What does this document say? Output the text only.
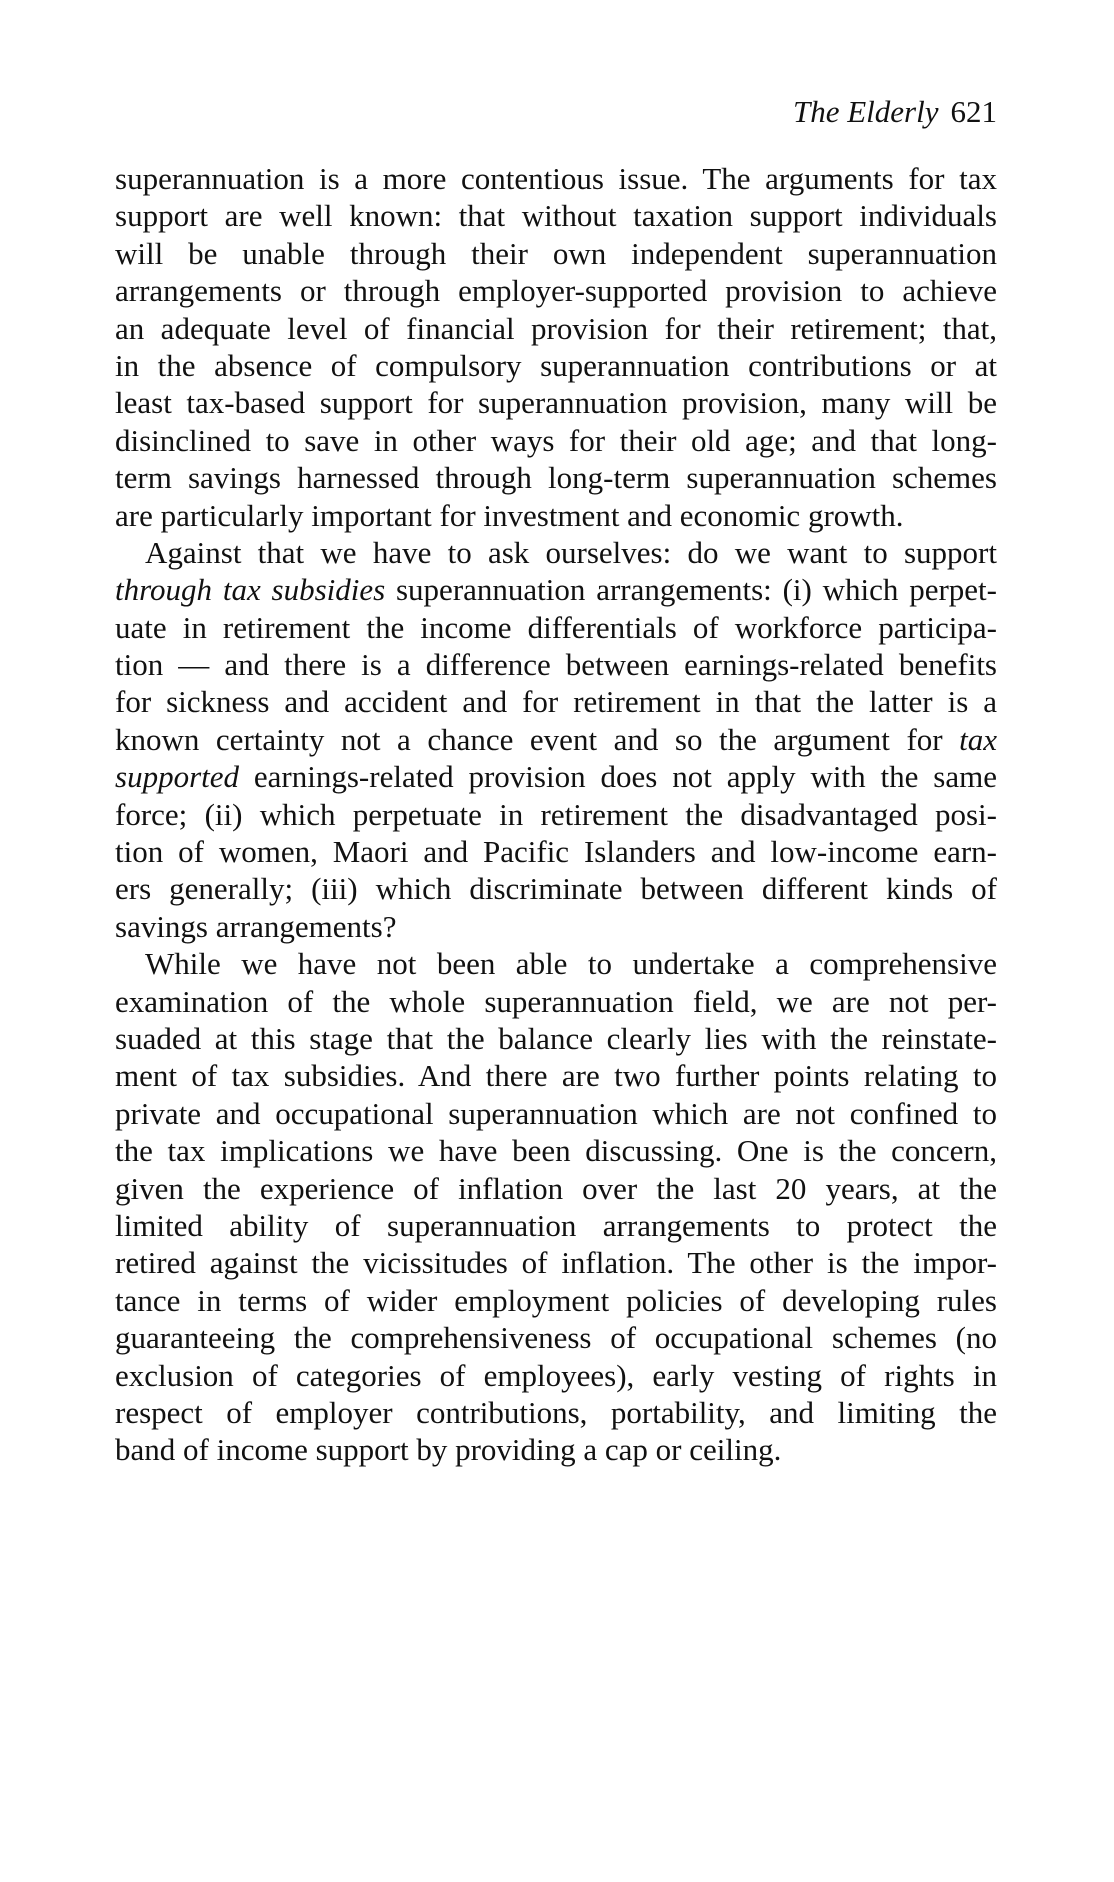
The Elderly 621
superannuation is a more contentious issue. The arguments for tax
support are well known: that without taxation support individuals
will be unable through their own independent superannuation
arrangements or through employer-supported provision to achieve
an adequate level of financial provision for their retirement; that,
in the absence of compulsory superannuation contributions or at
least tax-based support for superannuation provision, many will be
disinclined to save in other ways for their old age; and that long-
term savings harnessed through long-term superannuation schemes
are particularly important for investment and economic growth.
Against that we have to ask ourselves: do we want to support
through tax subsidies superannuation arrangements: (i) which perpet-
uate in retirement the income differentials of workforce participa-
tion — and there is a difference between earnings-related benefits
for sickness and accident and for retirement in that the latter is a
known certainty not a chance event and so the argument for tax
supported earnings-related provision does not apply with the same
force; (ii) which perpetuate in retirement the disadvantaged posi-
tion of women, Maori and Pacific Islanders and low-income earn-
ers generally; (iii) which discriminate between different kinds of
savings arrangements?
While we have not been able to undertake a comprehensive
examination of the whole superannuation field, we are not per-
suaded at this stage that the balance clearly lies with the reinstate-
ment of tax subsidies. And there are two further points relating to
private and occupational superannuation which are not confined to
the tax implications we have been discussing. One is the concern,
given the experience of inflation over the last 20 years, at the
limited ability of superannuation arrangements to protect the
retired against the vicissitudes of inflation. The other is the impor-
tance in terms of wider employment policies of developing rules
guaranteeing the comprehensiveness of occupational schemes (no
exclusion of categories of employees), early vesting of rights in
respect of employer contributions, portability, and limiting the
band of income support by providing a cap or ceiling.
